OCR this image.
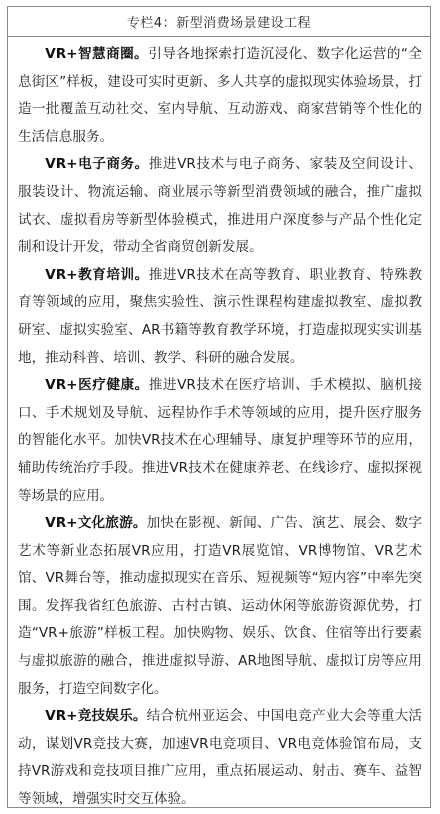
专栏4：新型消费场景建设工程

VR+智慧商圈。引导各地探索打造沉浸化、数字化运营的“全息街区”样板，建设可实时更新、多人共享的虚拟现实体验场景，打造一批覆盖互动社交、室内导航、互动游戏、商家营销等个性化的生活信息服务。

VR+电子商务。推进VR技术与电子商务、家装及空间设计、服装设计、物流运输、商业展示等新型消费领域的融合，推广虚拟试衣、虚拟看房等新型体验模式，推进用户深度参与产品个性化定制和设计开发，带动全省商贸创新发展。

VR+教育培训。推进VR技术在高等教育、职业教育、特殊教育等领域的应用，聚焦实验性、演示性课程构建虚拟教室、虚拟教研室、虚拟实验室、AR书籍等教育教学环境，打造虚拟现实实训基地，推动科普、培训、教学、科研的融合发展。

VR+医疗健康。推进VR技术在医疗培训、手术模拟、脑机接口、手术规划及导航、远程协作手术等领域的应用，提升医疗服务的智能化水平。加快VR技术在心理辅导、康复护理等环节的应用，辅助传统治疗手段。推进VR技术在健康养老、在线诊疗、虚拟探视等场景的应用。

VR+文化旅游。加快在影视、新闻、广告、演艺、展会、数字艺术等新业态拓展VR应用，打造VR展览馆、VR博物馆、VR艺术馆、VR舞台等，推动虚拟现实在音乐、短视频等“短内容”中率先突围。发挥我省红色旅游、古村古镇、运动休闲等旅游资源优势，打造“VR+旅游”样板工程。加快购物、娱乐、饮食、住宿等出行要素与虚拟旅游的融合，推进虚拟导游、AR地图导航、虚拟订房等应用服务，打造空间数字化。

VR+竞技娱乐。结合杭州亚运会、中国电竞产业大会等重大活动，谋划VR竞技大赛，加速VR电竞项目、VR电竞体验馆布局，支持VR游戏和竞技项目推广应用，重点拓展运动、射击、赛车、益智等领域，增强实时交互体验。
